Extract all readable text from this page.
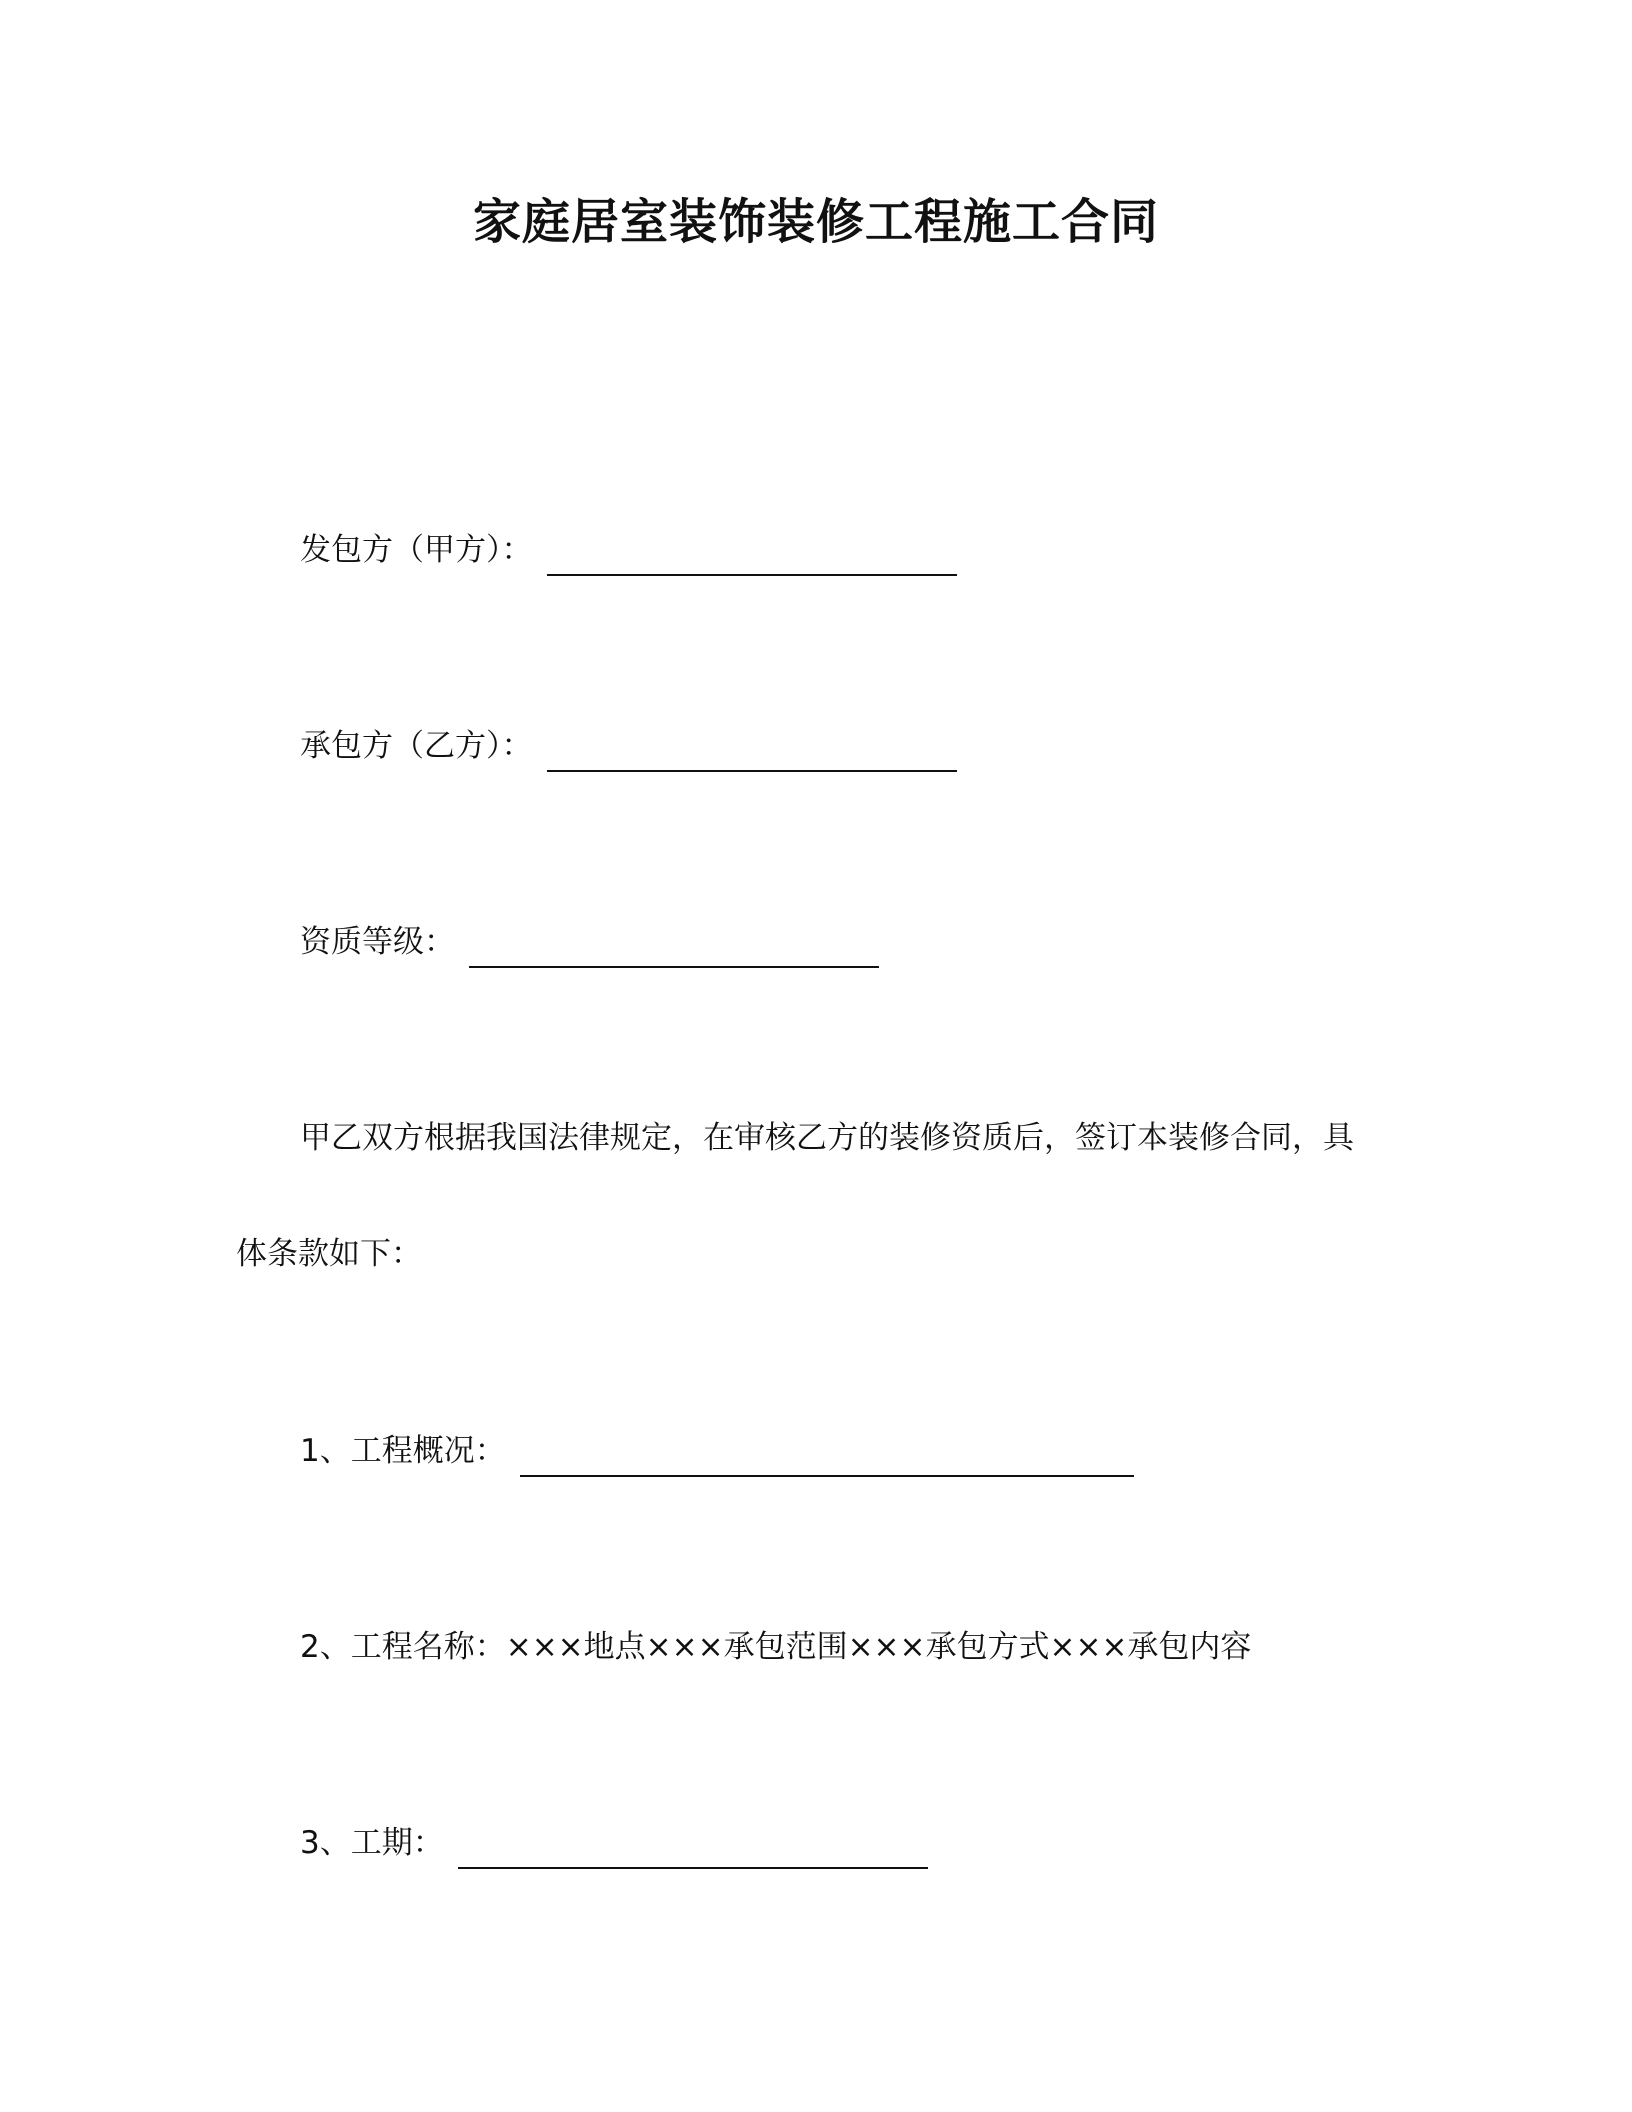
家庭居室装饰装修工程施工合同
发包方（甲方）：
承包方（乙方）：
资质等级：
甲乙双方根据我国法律规定，在审核乙方的装修资质后，签订本装修合同，具
体条款如下：
1、工程概况：
2、工程名称：×××地点×××承包范围×××承包方式×××承包内容
3、工期：
